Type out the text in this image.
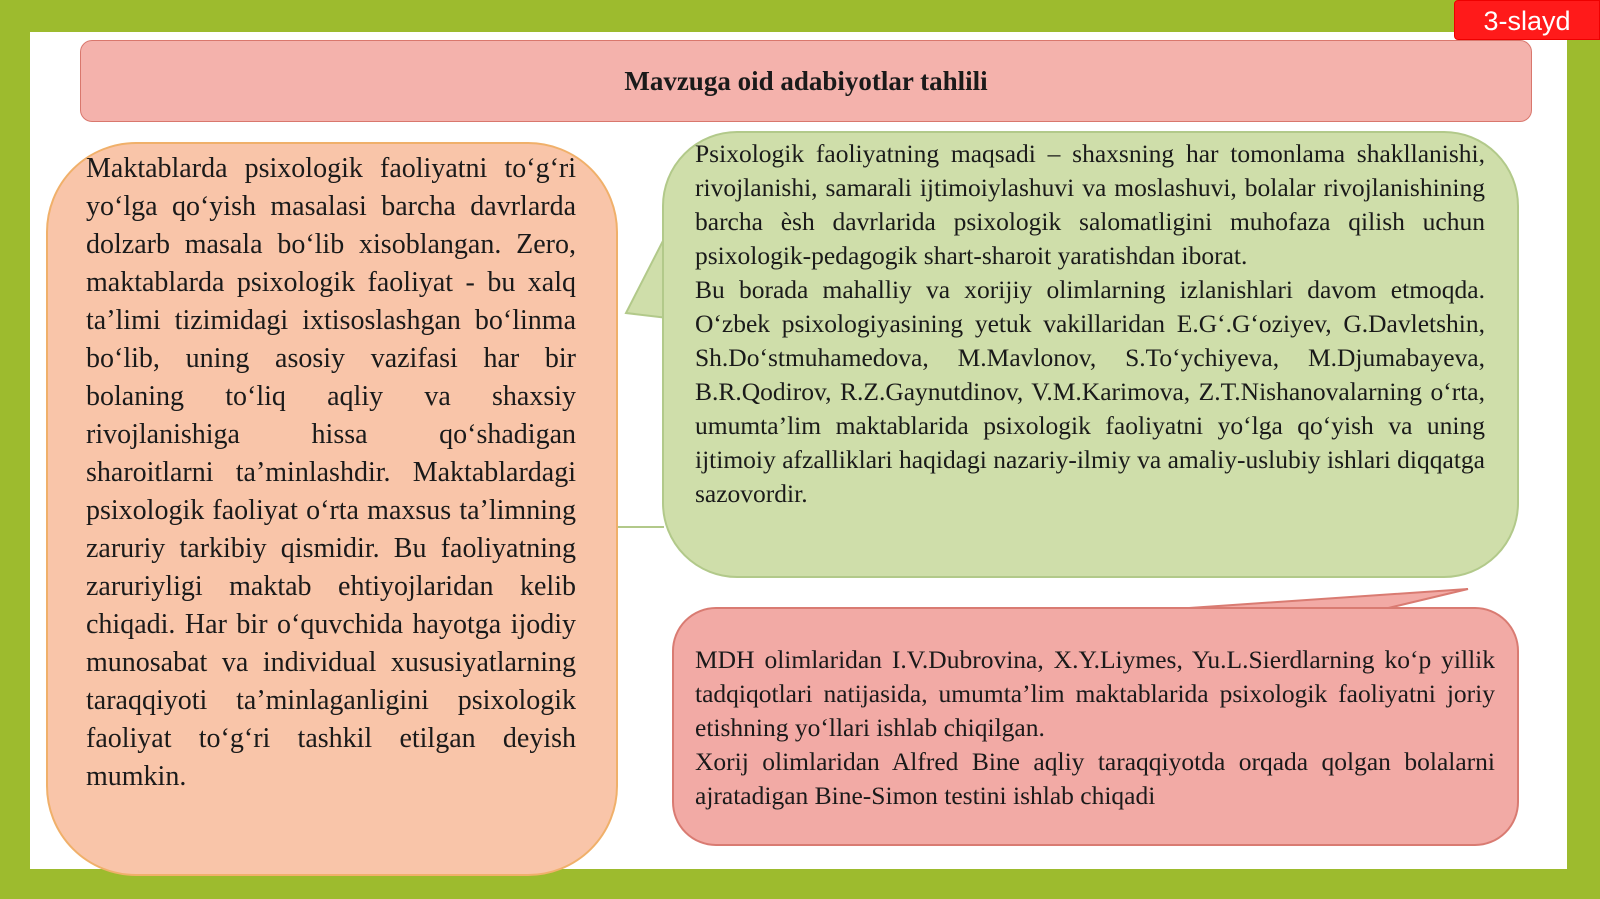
3-slayd
Mavzuga oid adabiyotlar tahlili

Maktablarda psixologik faoliyatni to‘g‘ri yo‘lga qo‘yish masalasi barcha davrlarda dolzarb masala bo‘lib xisoblangan. Zero, maktablarda psixologik faoliyat - bu xalq ta’limi tizimidagi ixtisoslashgan bo‘linma bo‘lib, uning asosiy vazifasi har bir bolaning to‘liq aqliy va shaxsiy rivojlanishiga hissa qo‘shadigan sharoitlarni ta’minlashdir. Maktablardagi psixologik faoliyat o‘rta maxsus ta’limning zaruriy tarkibiy qismidir. Bu faoliyatning zaruriyligi maktab ehtiyojlaridan kelib chiqadi. Har bir o‘quvchida hayotga ijodiy munosabat va individual xususiyatlarning taraqqiyoti ta’minlaganligini psixologik faoliyat to‘g‘ri tashkil etilgan deyish mumkin.

Psixologik faoliyatning maqsadi – shaxsning har tomonlama shakllanishi, rivojlanishi, samarali ijtimoiylashuvi va moslashuvi, bolalar rivojlanishining barcha èsh davrlarida psixologik salomatligini muhofaza qilish uchun psixologik-pedagogik shart-sharoit yaratishdan iborat.

Bu borada mahalliy va xorijiy olimlarning izlanishlari davom etmoqda. O‘zbek psixologiyasining yetuk vakillaridan E.G‘.G‘oziyev, G.Davletshin, Sh.Do‘stmuhamedova, M.Mavlonov, S.To‘ychiyeva, M.Djumabayeva, B.R.Qodirov, R.Z.Gaynutdinov, V.M.Karimova, Z.T.Nishanovalarning o‘rta, umumta’lim maktablarida psixologik faoliyatni yo‘lga qo‘yish va uning ijtimoiy afzalliklari haqidagi nazariy-ilmiy va amaliy-uslubiy ishlari diqqatga sazovordir.

MDH olimlaridan I.V.Dubrovina, X.Y.Liymes, Yu.L.Sierdlarning ko‘p yillik tadqiqotlari natijasida, umumta’lim maktablarida psixologik faoliyatni joriy etishning yo‘llari ishlab chiqilgan.

Xorij olimlaridan Alfred Bine aqliy taraqqiyotda orqada qolgan bolalarni ajratadigan Bine-Simon testini ishlab chiqadi
